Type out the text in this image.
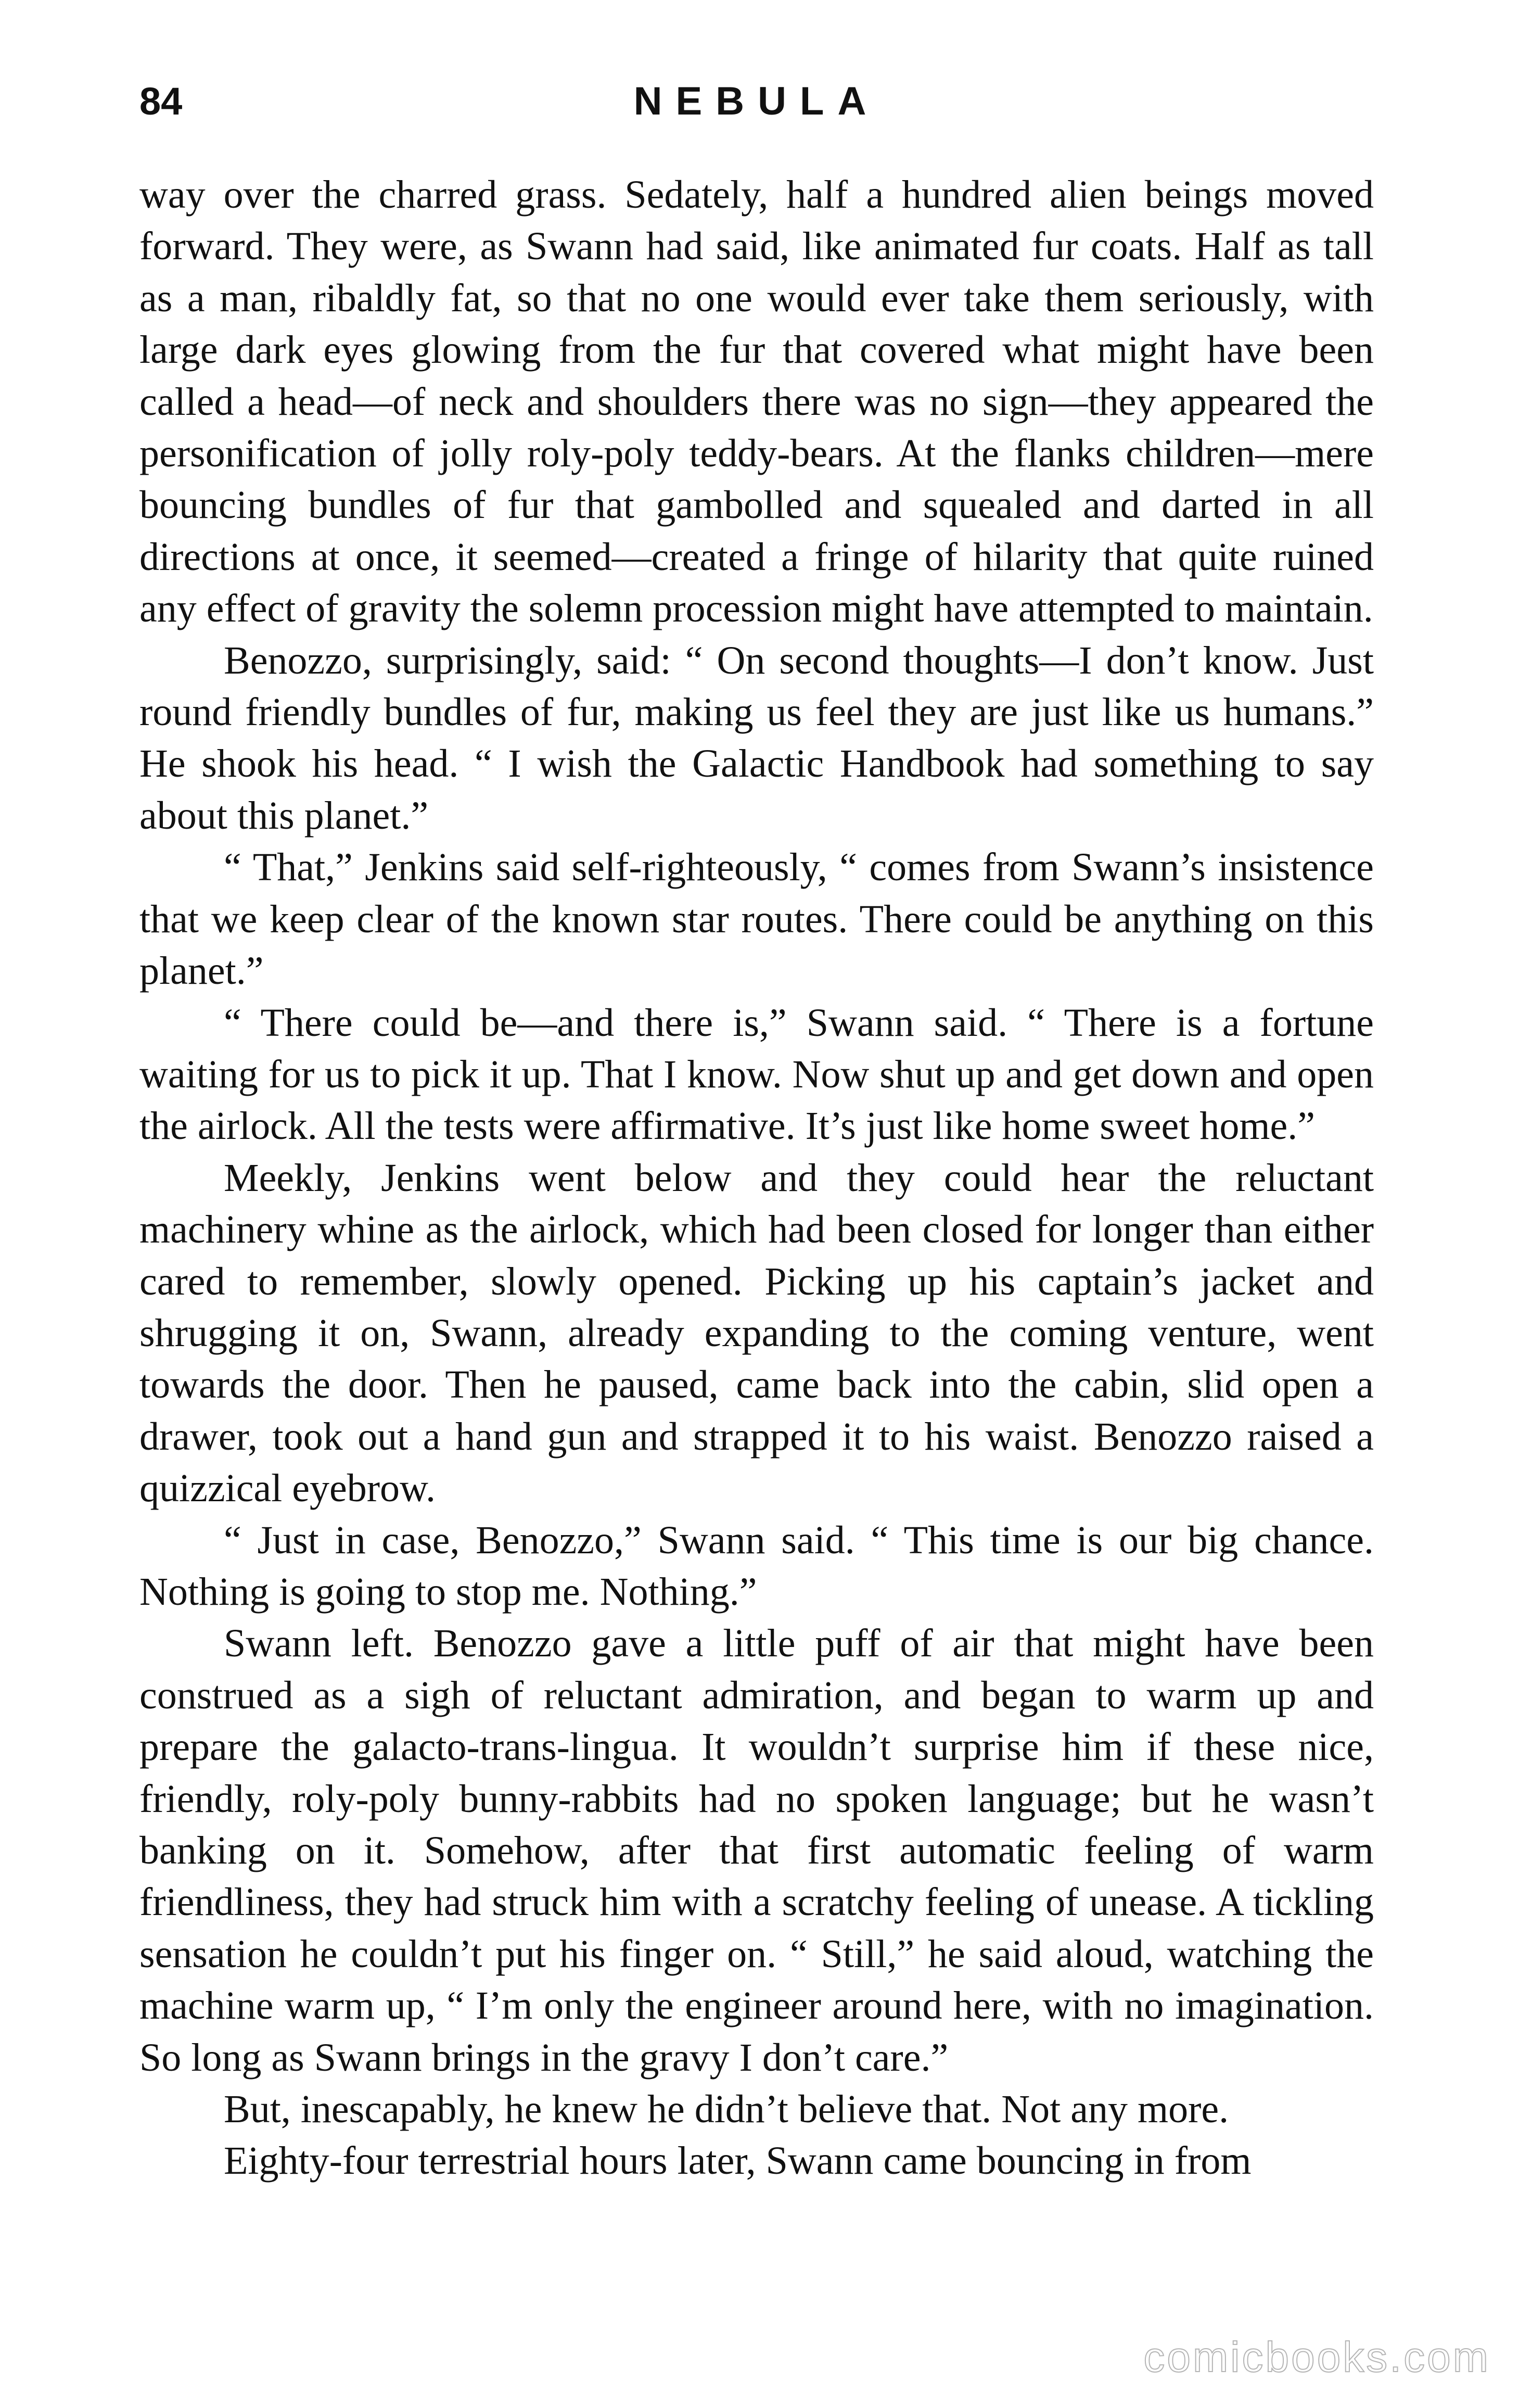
84	NEBULA

way over the charred grass. Sedately, half a hundred alien beings moved forward. They were, as Swann had said, like animated fur coats. Half as tall as a man, ribaldly fat, so that no one would ever take them seriously, with large dark eyes glowing from the fur that covered what might have been called a head—of neck and shoulders there was no sign—they appeared the personification of jolly roly-poly teddy-bears. At the flanks children—mere bouncing bundles of fur that gambolled and squealed and darted in all directions at once, it seemed—created a fringe of hilarity that quite ruined any effect of gravity the solemn procession might have attempted to maintain.

Benozzo, surprisingly, said: “ On second thoughts—I don’t know. Just round friendly bundles of fur, making us feel they are just like us humans.” He shook his head. “ I wish the Galactic Handbook had something to say about this planet.”

“ That,” Jenkins said self-righteously, “ comes from Swann’s insistence that we keep clear of the known star routes. There could be anything on this planet.”

“ There could be—and there is,” Swann said. “ There is a fortune waiting for us to pick it up. That I know. Now shut up and get down and open the airlock. All the tests were affirmative. It’s just like home sweet home.”

Meekly, Jenkins went below and they could hear the reluctant machinery whine as the airlock, which had been closed for longer than either cared to remember, slowly opened. Picking up his captain’s jacket and shrugging it on, Swann, already expanding to the coming venture, went towards the door. Then he paused, came back into the cabin, slid open a drawer, took out a hand gun and strapped it to his waist. Benozzo raised a quizzical eyebrow.

“ Just in case, Benozzo,” Swann said. “ This time is our big chance. Nothing is going to stop me. Nothing.”

Swann left. Benozzo gave a little puff of air that might have been construed as a sigh of reluctant admiration, and began to warm up and prepare the galacto-trans-lingua. It wouldn’t surprise him if these nice, friendly, roly-poly bunny-rabbits had no spoken language; but he wasn’t banking on it. Somehow, after that first automatic feeling of warm friendliness, they had struck him with a scratchy feeling of unease. A tickling sensation he couldn’t put his finger on. “ Still,” he said aloud, watching the machine warm up, “ I’m only the engineer around here, with no imagination. So long as Swann brings in the gravy I don’t care.”

But, inescapably, he knew he didn’t believe that. Not any more.

Eighty-four terrestrial hours later, Swann came bouncing in from

comicbooks.com
